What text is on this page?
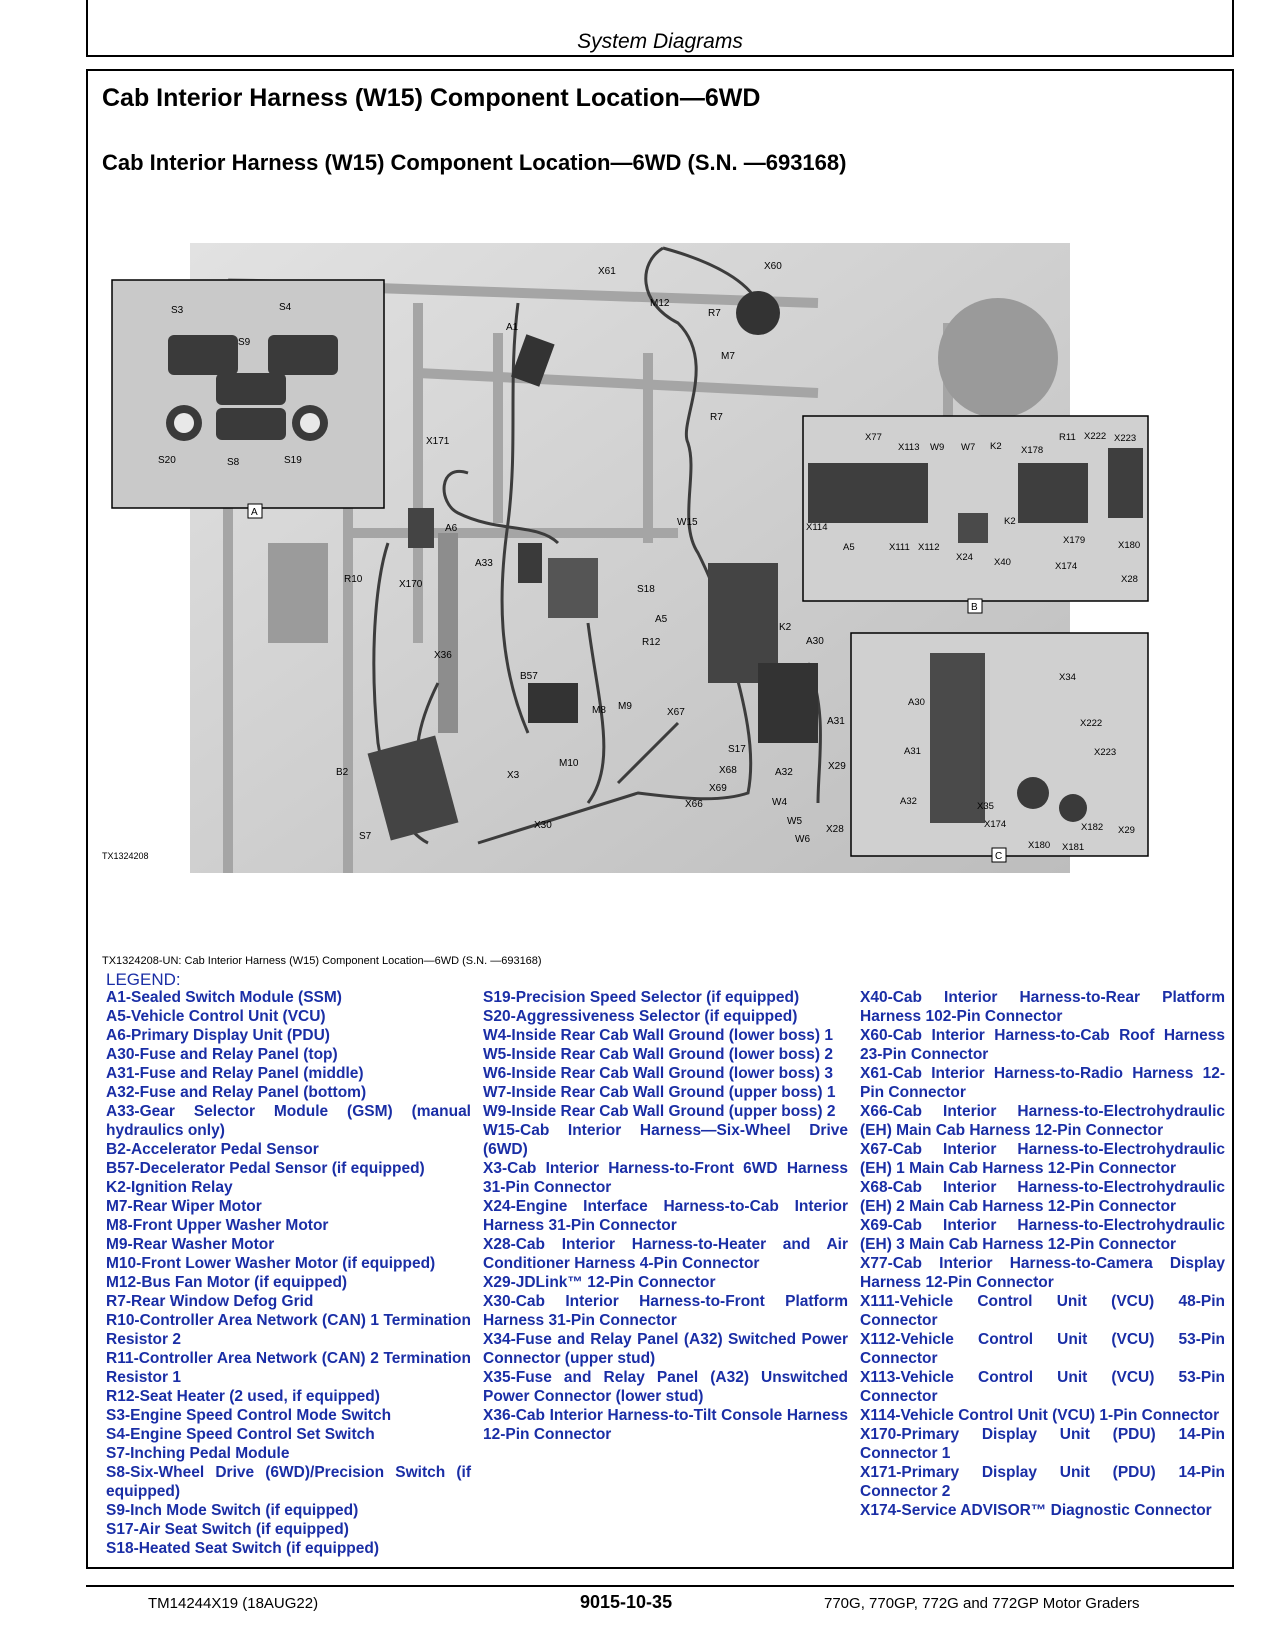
System Diagrams
Cab Interior Harness (W15) Component Location—6WD
Cab Interior Harness (W15) Component Location—6WD (S.N. —693168)
X61	X60
M12
R7
M7
A1
R7
X171
W15
A6
A33
S18
R10	X170
A5
K2
A30
R12
X36
B57
M8 M9
X67
A31
S17
B2
M10
X68
X3
X69
A32
X29
X66	W4
W5
X30
W6
X28
S7
TX1324208
S3	S4
S9
S20	S8	S19
A
X77
X113 W9 W7 K2 X178
R11 X222 X223
X114
A5	X111 X112
X24 X40
K2
X179	X180
X174
X28
B
X34
A30
X222
A31	X223
A32	X35
X174	X182 X29
X180 X181
C
TX1324208-UN: Cab Interior Harness (W15) Component Location—6WD (S.N. —693168)
LEGEND:
A1-Sealed Switch Module (SSM)
A5-Vehicle Control Unit (VCU)
A6-Primary Display Unit (PDU)
A30-Fuse and Relay Panel (top)
A31-Fuse and Relay Panel (middle)
A32-Fuse and Relay Panel (bottom)
A33-Gear Selector Module (GSM) (manual hydraulics only)
B2-Accelerator Pedal Sensor
B57-Decelerator Pedal Sensor (if equipped)
K2-Ignition Relay
M7-Rear Wiper Motor
M8-Front Upper Washer Motor
M9-Rear Washer Motor
M10-Front Lower Washer Motor (if equipped)
M12-Bus Fan Motor (if equipped)
R7-Rear Window Defog Grid
R10-Controller Area Network (CAN) 1 Termination Resistor 2
R11-Controller Area Network (CAN) 2 Termination Resistor 1
R12-Seat Heater (2 used, if equipped)
S3-Engine Speed Control Mode Switch
S4-Engine Speed Control Set Switch
S7-Inching Pedal Module
S8-Six-Wheel Drive (6WD)/Precision Switch (if equipped)
S9-Inch Mode Switch (if equipped)
S17-Air Seat Switch (if equipped)
S18-Heated Seat Switch (if equipped)
S19-Precision Speed Selector (if equipped)
S20-Aggressiveness Selector (if equipped)
W4-Inside Rear Cab Wall Ground (lower boss) 1
W5-Inside Rear Cab Wall Ground (lower boss) 2
W6-Inside Rear Cab Wall Ground (lower boss) 3
W7-Inside Rear Cab Wall Ground (upper boss) 1
W9-Inside Rear Cab Wall Ground (upper boss) 2
W15-Cab Interior Harness—Six-Wheel Drive (6WD)
X3-Cab Interior Harness-to-Front 6WD Harness 31-Pin Connector
X24-Engine Interface Harness-to-Cab Interior Harness 31-Pin Connector
X28-Cab Interior Harness-to-Heater and Air Conditioner Harness 4-Pin Connector
X29-JDLink™ 12-Pin Connector
X30-Cab Interior Harness-to-Front Platform Harness 31-Pin Connector
X34-Fuse and Relay Panel (A32) Switched Power Connector (upper stud)
X35-Fuse and Relay Panel (A32) Unswitched Power Connector (lower stud)
X36-Cab Interior Harness-to-Tilt Console Harness 12-Pin Connector
X40-Cab Interior Harness-to-Rear Platform Harness 102-Pin Connector
X60-Cab Interior Harness-to-Cab Roof Harness 23-Pin Connector
X61-Cab Interior Harness-to-Radio Harness 12-Pin Connector
X66-Cab Interior Harness-to-Electrohydraulic (EH) Main Cab Harness 12-Pin Connector
X67-Cab Interior Harness-to-Electrohydraulic (EH) 1 Main Cab Harness 12-Pin Connector
X68-Cab Interior Harness-to-Electrohydraulic (EH) 2 Main Cab Harness 12-Pin Connector
X69-Cab Interior Harness-to-Electrohydraulic (EH) 3 Main Cab Harness 12-Pin Connector
X77-Cab Interior Harness-to-Camera Display Harness 12-Pin Connector
X111-Vehicle Control Unit (VCU) 48-Pin Connector
X112-Vehicle Control Unit (VCU) 53-Pin Connector
X113-Vehicle Control Unit (VCU) 53-Pin Connector
X114-Vehicle Control Unit (VCU) 1-Pin Connector
X170-Primary Display Unit (PDU) 14-Pin Connector 1
X171-Primary Display Unit (PDU) 14-Pin Connector 2
X174-Service ADVISOR™ Diagnostic Connector
TM14244X19 (18AUG22)	9015-10-35	770G, 770GP, 772G and 772GP Motor Graders
